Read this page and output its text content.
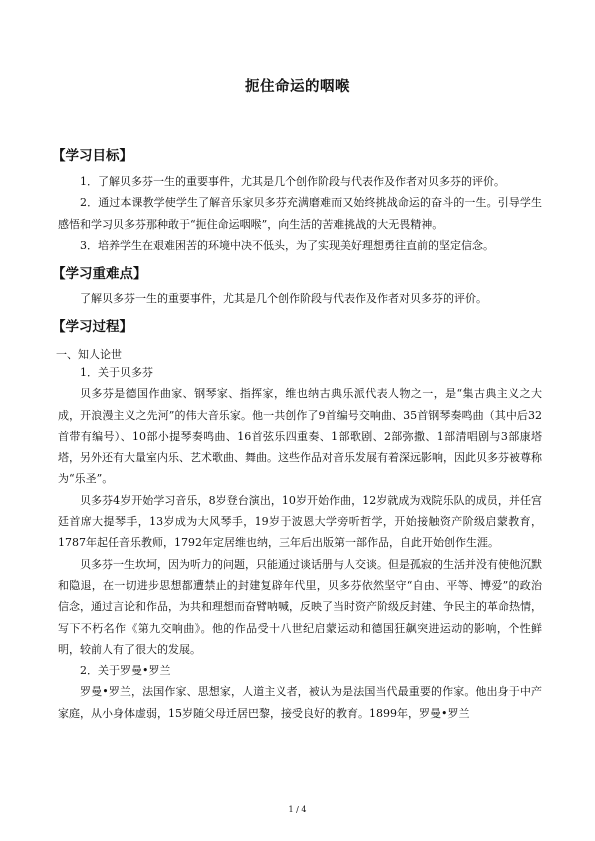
扼住命运的咽喉
【学习目标】

1．了解贝多芬一生的重要事件，尤其是几个创作阶段与代表作及作者对贝多芬的评价。

2．通过本课教学使学生了解音乐家贝多芬充满磨难而又始终挑战命运的奋斗的一生。引导学生感悟和学习贝多芬那种敢于“扼住命运咽喉”，向生活的苦难挑战的大无畏精神。

3．培养学生在艰难困苦的环境中决不低头，为了实现美好理想勇往直前的坚定信念。

【学习重难点】

了解贝多芬一生的重要事件，尤其是几个创作阶段与代表作及作者对贝多芬的评价。

【学习过程】
一、知人论世

1．关于贝多芬

贝多芬是德国作曲家、钢琴家、指挥家，维也纳古典乐派代表人物之一，是“集古典主义之大成，开浪漫主义之先河”的伟大音乐家。他一共创作了9首编号交响曲、35首钢琴奏鸣曲（其中后32首带有编号）、10部小提琴奏鸣曲、16首弦乐四重奏、1部歌剧、2部弥撒、1部清唱剧与3部康塔塔，另外还有大量室内乐、艺术歌曲、舞曲。这些作品对音乐发展有着深远影响，因此贝多芬被尊称为“乐圣”。

贝多芬4岁开始学习音乐，8岁登台演出，10岁开始作曲，12岁就成为戏院乐队的成员，并任宫廷首席大提琴手，13岁成为大风琴手，19岁于波恩大学旁听哲学，开始接触资产阶级启蒙教育，1787年起任音乐教师，1792年定居维也纳，三年后出版第一部作品，自此开始创作生涯。

贝多芬一生坎坷，因为听力的问题，只能通过谈话册与人交谈。但是孤寂的生活并没有使他沉默和隐退，在一切进步思想都遭禁止的封建复辟年代里，贝多芬依然坚守“自由、平等、博爱”的政治信念，通过言论和作品，为共和理想而奋臂呐喊，反映了当时资产阶级反封建、争民主的革命热情，写下不朽名作《第九交响曲》。他的作品受十八世纪启蒙运动和德国狂飙突进运动的影响，个性鲜明，较前人有了很大的发展。

2．关于罗曼•罗兰

罗曼•罗兰，法国作家、思想家，人道主义者，被认为是法国当代最重要的作家。他出身于中产家庭，从小身体虚弱，15岁随父母迁居巴黎，接受良好的教育。1899年，罗曼•罗兰

1 / 4
